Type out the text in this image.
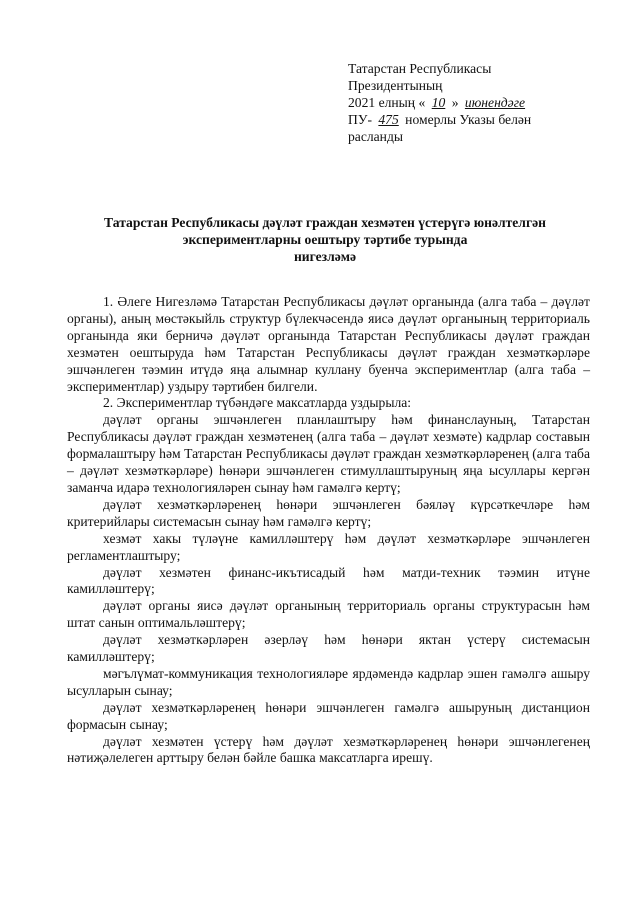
Татарстан Республикасы
Президентының
2021 елның « 10 » июнендәге
ПУ- 475 номерлы Указы белән
расланды
Татарстан Республикасы дәүләт граждан хезмәтен үстерүгә юнәлтелгән
экспериментларны оештыру тәртибе турында
нигезләмә

1. Әлеге Нигезләмә Татарстан Республикасы дәүләт органында (алга таба – дәүләт органы), аның мөстәкыйль структур бүлекчәсендә яисә дәүләт органының территориаль органында яки берничә дәүләт органында Татарстан Республикасы дәүләт граждан хезмәтен оештыруда һәм Татарстан Республикасы дәүләт граждан хезмәткәрләре эшчәнлеген тәэмин итүдә яңа алымнар куллану буенча экспериментлар (алга таба – экспериментлар) уздыру тәртибен билгели.

2. Экспериментлар түбәндәге максатларда уздырыла:

дәүләт органы эшчәнлеген планлаштыру һәм финанслауның, Татарстан Республикасы дәүләт граждан хезмәтенең (алга таба – дәүләт хезмәте) кадрлар составын формалаштыру һәм Татарстан Республикасы дәүләт граждан хезмәткәрләренең (алга таба – дәүләт хезмәткәрләре) һөнәри эшчәнлеген стимуллаштыруның яңа ысуллары кергән заманча идарә технологияләрен сынау һәм гамәлгә кертү;

дәүләт хезмәткәрләренең һөнәри эшчәнлеген бәяләү күрсәткечләре һәм критерийлары системасын сынау һәм гамәлгә кертү;

хезмәт хакы түләүне камилләштерү һәм дәүләт хезмәткәрләре эшчәнлеген регламентлаштыру;

дәүләт хезмәтен финанс-икътисадый һәм матди-техник тәэмин итүне камилләштерү;

дәүләт органы яисә дәүләт органының территориаль органы структурасын һәм штат санын оптимальләштерү;

дәүләт хезмәткәрләрен әзерләү һәм һөнәри яктан үстерү системасын камилләштерү;

мәгълүмат-коммуникация технологияләре ярдәмендә кадрлар эшен гамәлгә ашыру ысулларын сынау;

дәүләт хезмәткәрләренең һөнәри эшчәнлеген гамәлгә ашыруның дистанцион формасын сынау;

дәүләт хезмәтен үстерү һәм дәүләт хезмәткәрләренең һөнәри эшчәнлегенең нәтиҗәлелеген арттыру белән бәйле башка максатларга ирешү.
